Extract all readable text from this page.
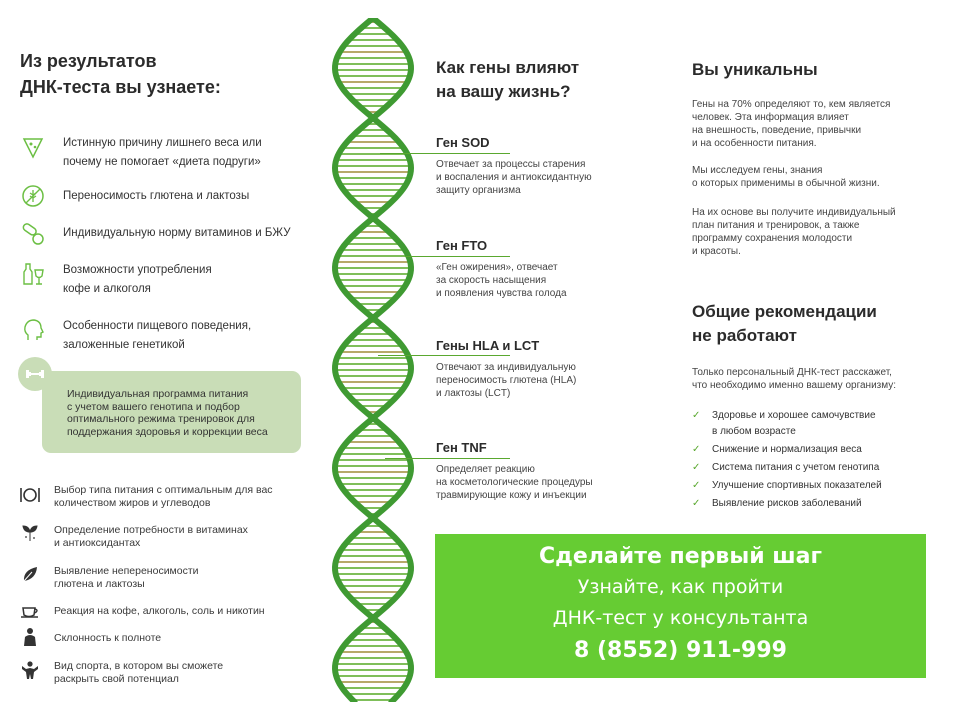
Из результатов
ДНК-теста вы узнаете:
Истинную причину лишнего веса или
почему не помогает «диета подруги»
Переносимость глютена и лактозы
Индивидуальную норму витаминов и БЖУ
Возможности употребления
кофе и алкоголя
Особенности пищевого поведения,
заложенные генетикой
Индивидуальная программа питания
с учетом вашего генотипа и подбор
оптимального режима тренировок для
поддержания здоровья и коррекции веса
Выбор типа питания с оптимальным для вас
количеством жиров и углеводов
Определение потребности в витаминах
и антиоксидантах
Выявление непереносимости
глютена и лактозы
Реакция на кофе, алкоголь, соль и никотин
Склонность к полноте
Вид спорта, в котором вы сможете
раскрыть свой потенциал
Как гены влияют
на вашу жизнь?
Ген SOD
Отвечает за процессы старения
и воспаления и антиоксидантную
защиту организма
Ген FTO
«Ген ожирения», отвечает
за скорость насыщения
и появления чувства голода
Гены HLA и LCT
Отвечают за индивидуальную
переносимость глютена (HLA)
и лактозы (LCT)
Ген TNF
Определяет реакцию
на косметологические процедуры
травмирующие кожу и инъекции
Вы уникальны
Гены на 70% определяют то, кем является
человек. Эта информация влияет
на внешность, поведение, привычки
и на особенности питания.
Мы исследуем гены, знания
о которых применимы в обычной жизни.
На их основе вы получите индивидуальный
план питания и тренировок, а также
программу сохранения молодости
и красоты.
Общие рекомендации
не работают
Только персональный ДНК-тест расскажет,
что необходимо именно вашему организму:
✓ Здоровье и хорошее самочувствие
в любом возрасте
✓ Снижение и нормализация веса
✓ Система питания с учетом генотипа
✓ Улучшение спортивных показателей
✓ Выявление рисков заболеваний
Сделайте первый шаг
Узнайте, как пройти
ДНК-тест у консультанта
8 (8552) 911-999
